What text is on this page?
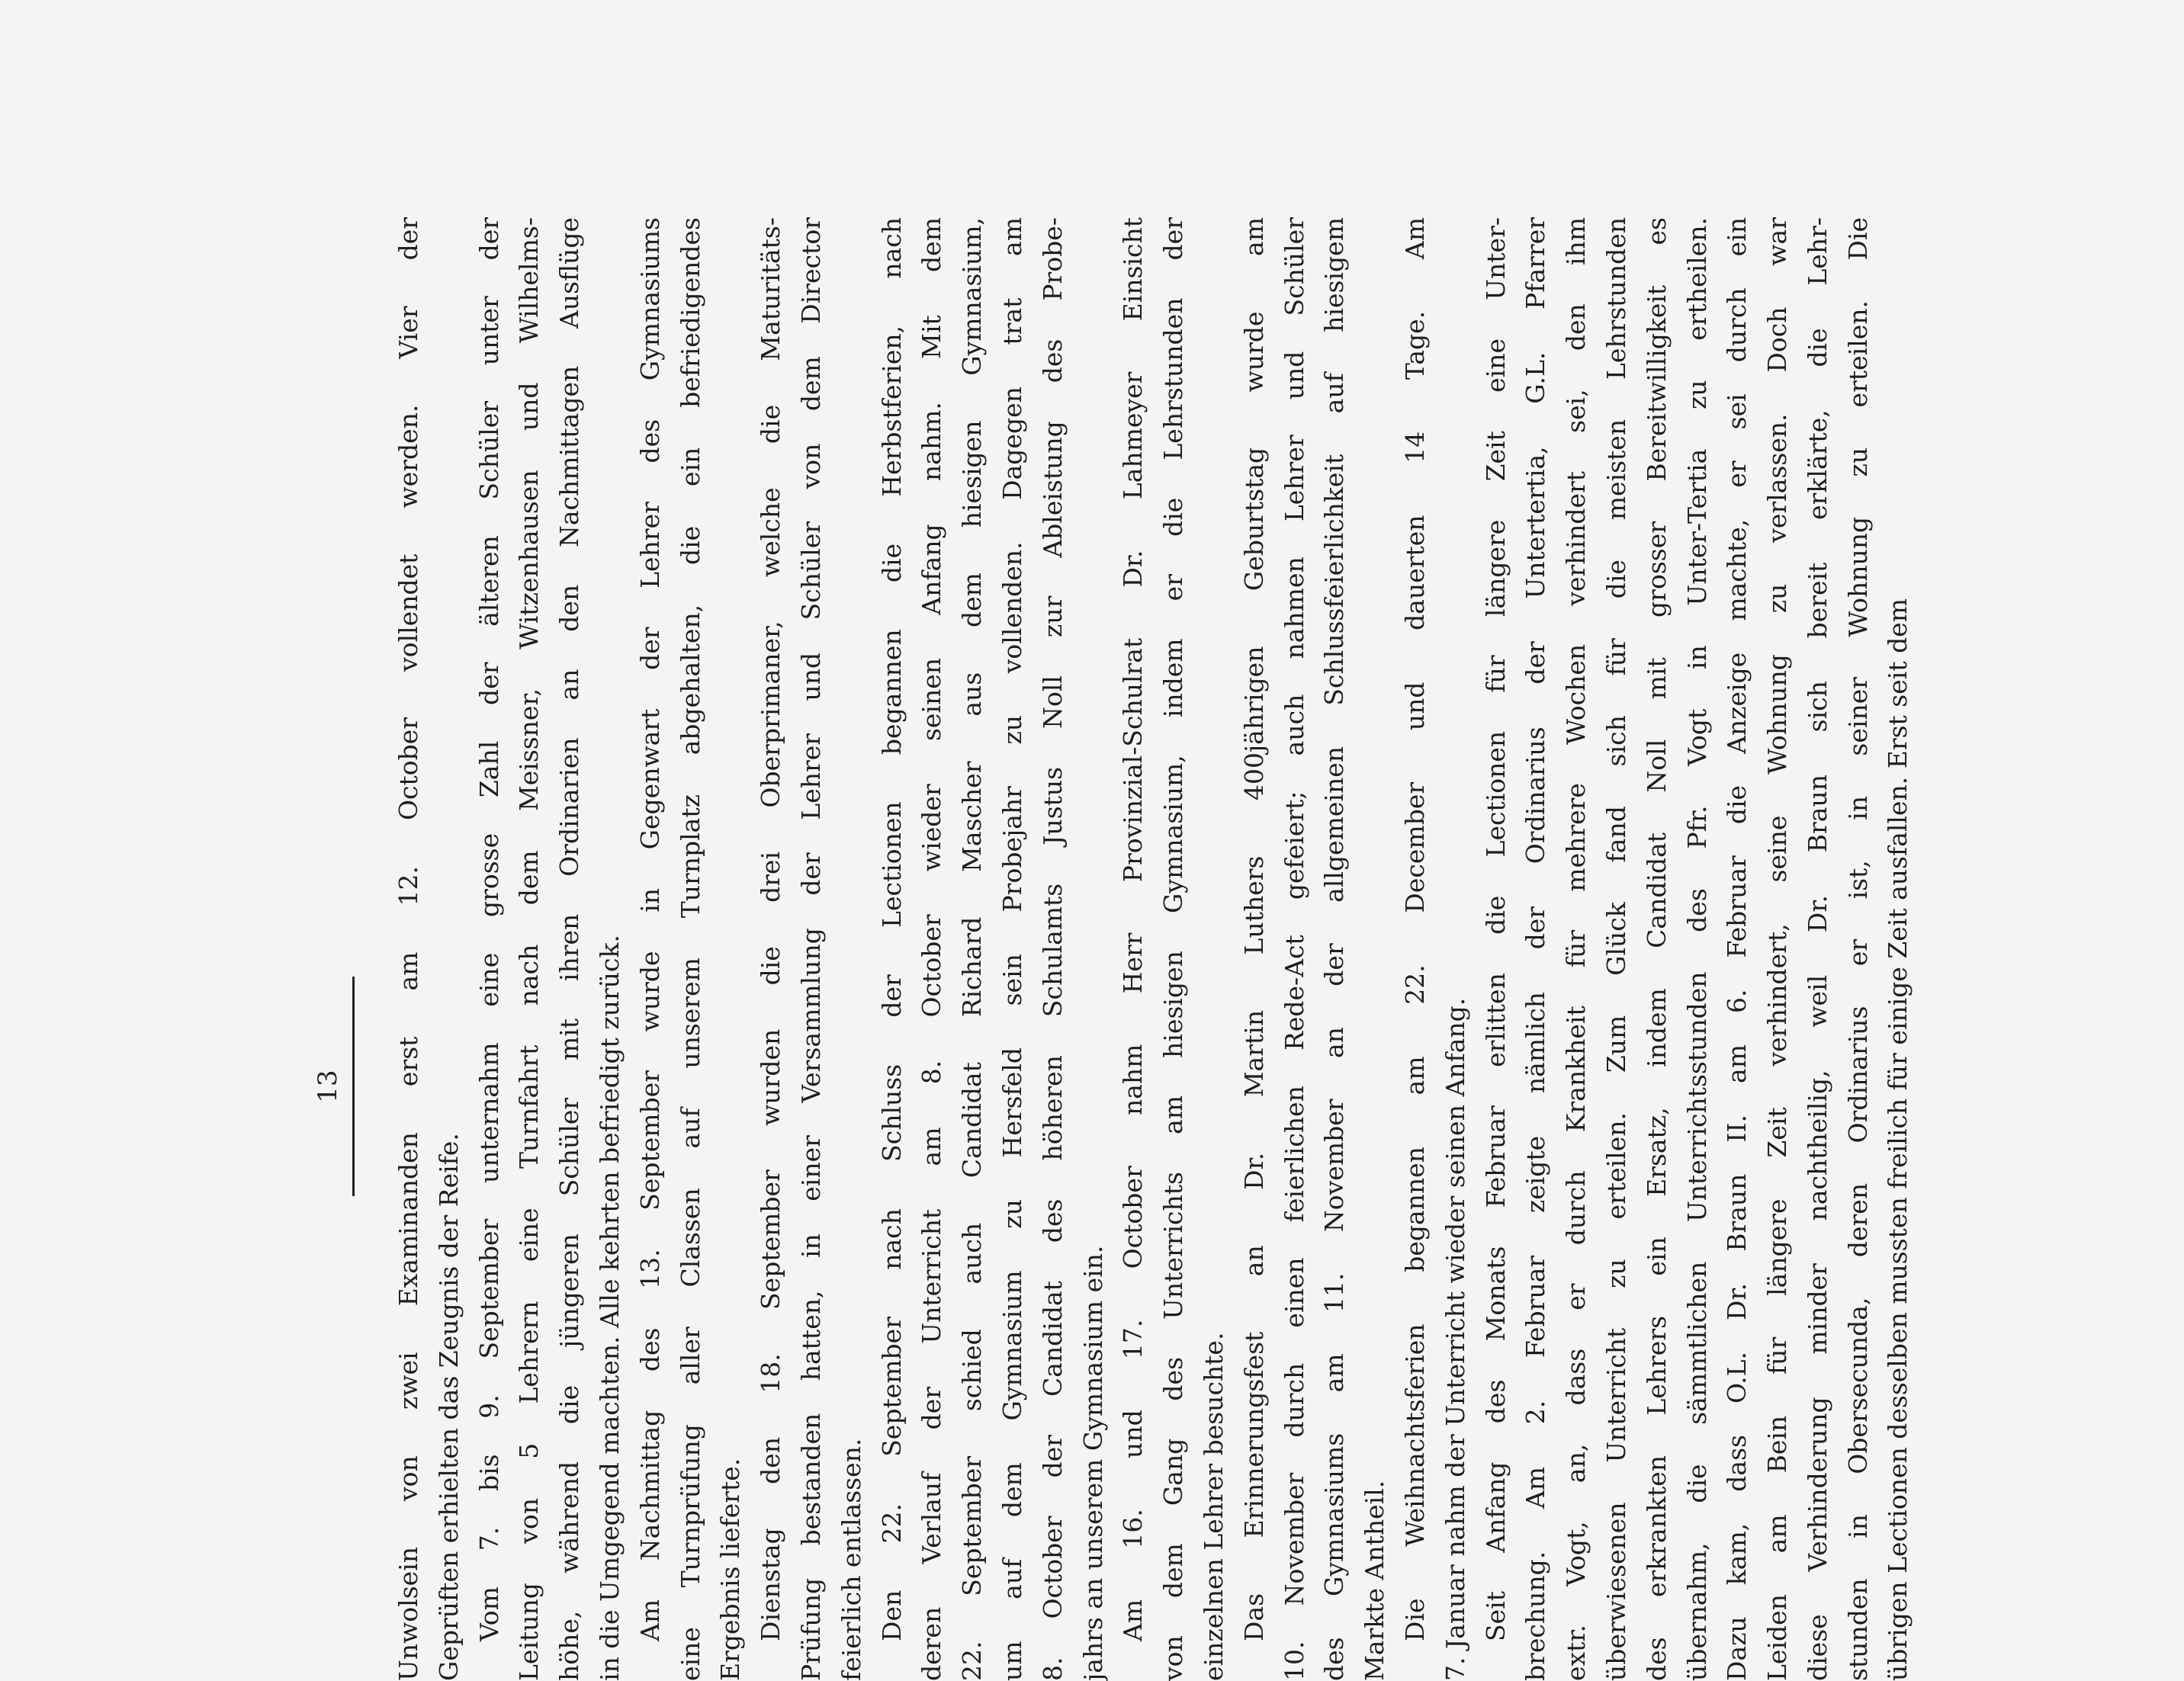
13 Unwolsein von zwei Examinanden erst am 12. October vollendet werden. Vier der Geprüften erhielten das Zeugnis der Reife. Vom 7. bis 9. September unternahm eine grosse Zahl der älteren Schüler unter der Leitung von 5 Lehrern eine Turnfahrt nach dem Meissner, Witzenhausen und Wilhelms- höhe, während die jüngeren Schüler mit ihren Ordinarien an den Nachmittagen Ausflüge in die Umgegend machten. Alle kehrten befriedigt zurück. Am Nachmittag des 13. September wurde in Gegenwart der Lehrer des Gymnasiums eine Turnprüfung aller Classen auf unserem Turnplatz abgehalten, die ein befriedigendes Ergebnis lieferte. Dienstag den 18. September wurden die drei Oberprimaner, welche die Maturitäts- Prüfung bestanden hatten, in einer Versammlung der Lehrer und Schüler von dem Director feierlich entlassen. Den 22. September nach Schluss der Lectionen begannen die Herbstferien, nach deren Verlauf der Unterricht am 8. October wieder seinen Anfang nahm. Mit dem 22. September schied auch Candidat Richard Mascher aus dem hiesigen Gymnasium, um auf dem Gymnasium zu Hersfeld sein Probejahr zu vollenden. Dagegen trat am 8. October der Candidat des höheren Schulamts Justus Noll zur Ableistung des Probe- jahrs an unserem Gymnasium ein. Am 16. und 17. October nahm Herr Provinzial-Schulrat Dr. Lahmeyer Einsicht von dem Gang des Unterrichts am hiesigen Gymnasium, indem er die Lehrstunden der einzelnen Lehrer besuchte. Das Erinnerungsfest an Dr. Martin Luthers 400jährigen Geburtstag wurde am 10. November durch einen feierlichen Rede-Act gefeiert; auch nahmen Lehrer und Schüler des Gymnasiums am 11. November an der allgemeinen Schlussfeierlichkeit auf hiesigem Markte Antheil. Die Weihnachtsferien begannen am 22. December und dauerten 14 Tage. Am 7. Januar nahm der Unterricht wieder seinen Anfang. Seit Anfang des Monats Februar erlitten die Lectionen für längere Zeit eine Unter- brechung. Am 2. Februar zeigte nämlich der Ordinarius der Untertertia, G.L. Pfarrer extr. Vogt, an, dass er durch Krankheit für mehrere Wochen verhindert sei, den ihm überwiesenen Unterricht zu erteilen. Zum Glück fand sich für die meisten Lehrstunden des erkrankten Lehrers ein Ersatz, indem Candidat Noll mit grosser Bereitwilligkeit es übernahm, die sämmtlichen Unterrichtsstunden des Pfr. Vogt in Unter-Tertia zu ertheilen. Dazu kam, dass O.L. Dr. Braun II. am 6. Februar die Anzeige machte, er sei durch ein Leiden am Bein für längere Zeit verhindert, seine Wohnung zu verlassen. Doch war diese Verhinderung minder nachtheilig, weil Dr. Braun sich bereit erklärte, die Lehr- stunden in Obersecunda, deren Ordinarius er ist, in seiner Wohnung zu erteilen. Die übrigen Lectionen desselben mussten freilich für einige Zeit ausfallen. Erst seit dem
